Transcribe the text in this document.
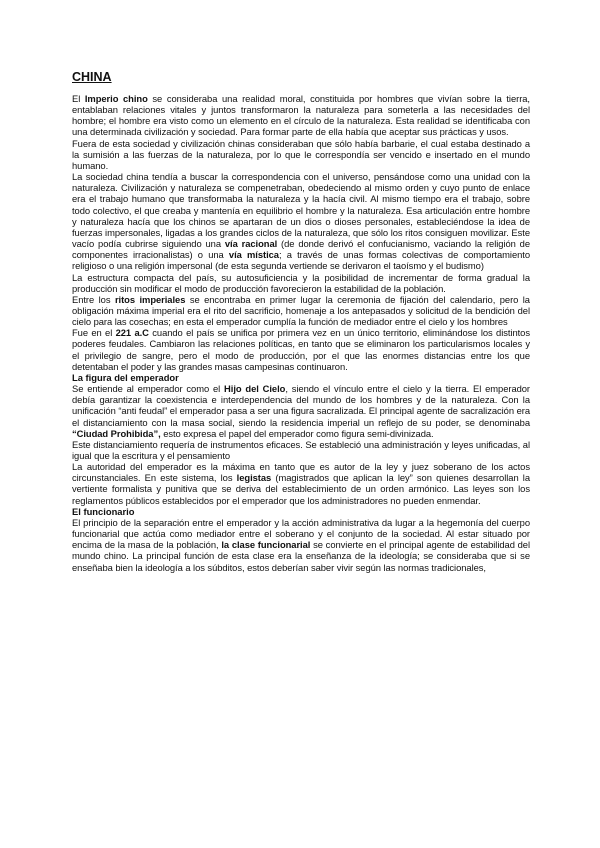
CHINA

El Imperio chino se consideraba una realidad moral, constituida por hombres que vivían sobre la tierra, entablaban relaciones vitales y juntos transformaron la naturaleza para someterla a las necesidades del hombre; el hombre era visto como un elemento en el círculo de la naturaleza. Esta realidad se identificaba con una determinada civilización y sociedad. Para formar parte de ella había que aceptar sus prácticas y usos.

Fuera de esta sociedad y civilización chinas consideraban que sólo había barbarie, el cual estaba destinado a la sumisión a las fuerzas de la naturaleza, por lo que le correspondía ser vencido e insertado en el mundo humano.

La sociedad china tendía a buscar la correspondencia con el universo, pensándose como una unidad con la naturaleza. Civilización y naturaleza se compenetraban, obedeciendo al mismo orden y cuyo punto de enlace era el trabajo humano que transformaba la naturaleza y la hacía civil. Al mismo tiempo era el trabajo, sobre todo colectivo, el que creaba y mantenía en equilibrio el hombre y la naturaleza. Esa articulación entre hombre y naturaleza hacía que los chinos se apartaran de un dios o dioses personales, estableciéndose la idea de fuerzas impersonales, ligadas a los grandes ciclos de la naturaleza, que sólo los ritos consiguen movilizar. Este vacío podía cubrirse siguiendo una vía racional (de donde derivó el confucianismo, vaciando la religión de componentes irracionalistas) o una vía mística; a través de unas formas colectivas de comportamiento religioso o una religión impersonal (de esta segunda vertiende se derivaron el taoísmo y el budismo)

La estructura compacta del país, su autosuficiencia y la posibilidad de incrementar de forma gradual la producción sin modificar el modo de producción favorecieron la estabilidad de la población.

Entre los ritos imperiales se encontraba en primer lugar la ceremonia de fijación del calendario, pero la obligación máxima imperial era el rito del sacrificio, homenaje a los antepasados y solicitud de la bendición del cielo para las cosechas; en esta el emperador cumplía la función de mediador entre el cielo y los hombres

Fue en el 221 a.C cuando el país se unifica por primera vez en un único territorio, eliminándose los distintos poderes feudales. Cambiaron las relaciones políticas, en tanto que se eliminaron los particularismos locales y el privilegio de sangre, pero el modo de producción, por el que las enormes distancias entre los que detentaban el poder y las grandes masas campesinas continuaron.

La figura del emperador

Se entiende al emperador como el Hijo del Cielo, siendo el vínculo entre el cielo y la tierra. El emperador debía garantizar la coexistencia e interdependencia del mundo de los hombres y de la naturaleza. Con la unificación “anti feudal” el emperador pasa a ser una figura sacralizada. El principal agente de sacralización era el distanciamiento con la masa social, siendo la residencia imperial un reflejo de su poder, se denominaba “Ciudad Prohibida”, esto expresa el papel del emperador como figura semi-divinizada.

Este distanciamiento requería de instrumentos eficaces. Se estableció una administración y leyes unificadas, al igual que la escritura y el pensamiento

La autoridad del emperador es la máxima en tanto que es autor de la ley y juez soberano de los actos circunstanciales. En este sistema, los legistas (magistrados que aplican la ley” son quienes desarrollan la vertiente formalista y punitiva que se deriva del establecimiento de un orden armónico. Las leyes son los reglamentos públicos establecidos por el emperador que los administradores no pueden enmendar.

El funcionario

El principio de la separación entre el emperador y la acción administrativa da lugar a la hegemonía del cuerpo funcionarial que actúa como mediador entre el soberano y el conjunto de la sociedad. Al estar situado por encima de la masa de la población, la clase funcionarial se convierte en el principal agente de estabilidad del mundo chino. La principal función de esta clase era la enseñanza de la ideología; se consideraba que si se enseñaba bien la ideología a los súbditos, estos deberían saber vivir según las normas tradicionales,
